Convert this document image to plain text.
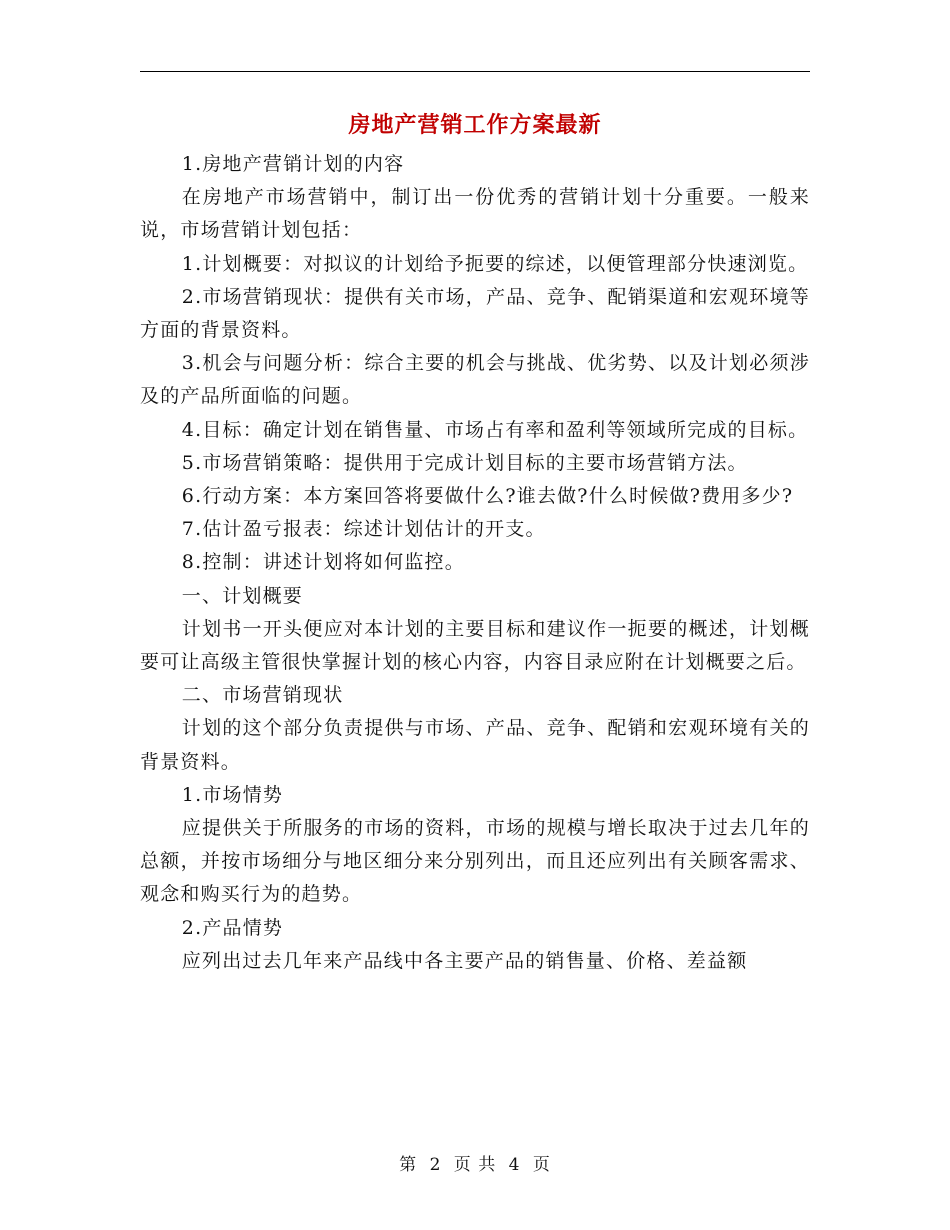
房地产营销工作方案最新

1.房地产营销计划的内容

在房地产市场营销中，制订出一份优秀的营销计划十分重要。一般来说，市场营销计划包括：

1.计划概要：对拟议的计划给予扼要的综述，以便管理部分快速浏览。

2.市场营销现状：提供有关市场，产品、竞争、配销渠道和宏观环境等方面的背景资料。

3.机会与问题分析：综合主要的机会与挑战、优劣势、以及计划必须涉及的产品所面临的问题。

4.目标：确定计划在销售量、市场占有率和盈利等领域所完成的目标。

5.市场营销策略：提供用于完成计划目标的主要市场营销方法。

6.行动方案：本方案回答将要做什么?谁去做?什么时候做?费用多少?

7.估计盈亏报表：综述计划估计的开支。

8.控制：讲述计划将如何监控。

一、计划概要

计划书一开头便应对本计划的主要目标和建议作一扼要的概述，计划概要可让高级主管很快掌握计划的核心内容，内容目录应附在计划概要之后。

二、市场营销现状

计划的这个部分负责提供与市场、产品、竞争、配销和宏观环境有关的背景资料。

1.市场情势

应提供关于所服务的市场的资料，市场的规模与增长取决于过去几年的总额，并按市场细分与地区细分来分别列出，而且还应列出有关顾客需求、观念和购买行为的趋势。

2.产品情势

应列出过去几年来产品线中各主要产品的销售量、价格、差益额

第 2 页 共 4 页
